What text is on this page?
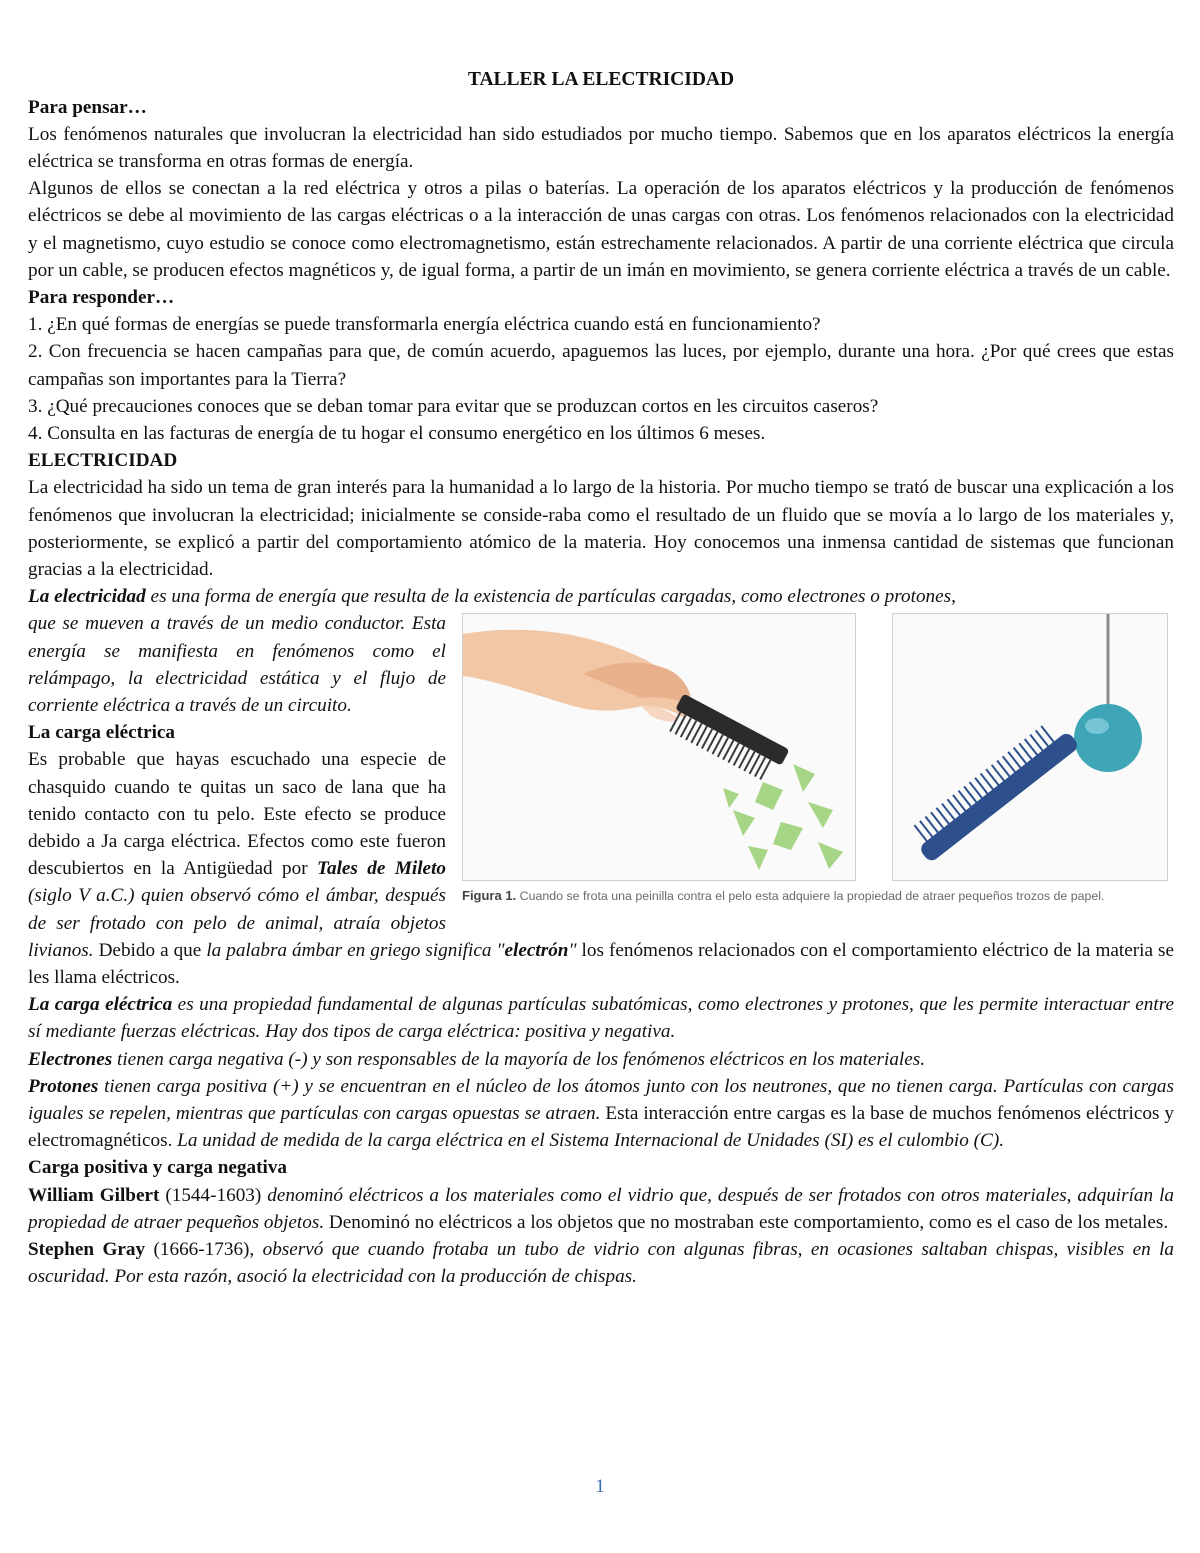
TALLER LA ELECTRICIDAD

Para pensar…

Los fenómenos naturales que involucran la electricidad han sido estudiados por mucho tiempo. Sabemos que en los aparatos eléctricos la energía eléctrica se transforma en otras formas de energía.

Algunos de ellos se conectan a la red eléctrica y otros a pilas o baterías. La operación de los aparatos eléctricos y la producción de fenómenos eléctricos se debe al movimiento de las cargas eléctricas o a la interacción de unas cargas con otras. Los fenómenos relacionados con la electricidad y el magnetismo, cuyo estudio se conoce como electromagnetismo, están estrechamente relacionados. A partir de una corriente eléctrica que circula por un cable, se producen efectos magnéticos y, de igual forma, a partir de un imán en movimiento, se genera corriente eléctrica a través de un cable.

Para responder…

1. ¿En qué formas de energías se puede transformarla energía eléctrica cuando está en funcionamiento?

2. Con frecuencia se hacen campañas para que, de común acuerdo, apaguemos las luces, por ejemplo, durante una hora. ¿Por qué crees que estas campañas son importantes para la Tierra?

3. ¿Qué precauciones conoces que se deban tomar para evitar que se produzcan cortos en les circuitos caseros?

4. Consulta en las facturas de energía de tu hogar el consumo energético en los últimos 6 meses.

ELECTRICIDAD

La electricidad ha sido un tema de gran interés para la humanidad a lo largo de la historia. Por mucho tiempo se trató de buscar una explicación a los fenómenos que involucran la electricidad; inicialmente se conside-raba como el resultado de un fluido que se movía a lo largo de los materiales y, posteriormente, se explicó a partir del comportamiento atómico de la materia. Hoy conocemos una inmensa cantidad de sistemas que funcionan gracias a la electricidad.

La electricidad es una forma de energía que resulta de la existencia de partículas cargadas, como electrones o protones,

Figura 1. Cuando se frota una peinilla contra el pelo esta adquiere la propiedad de atraer pequeños trozos de papel.

que se mueven a través de un medio conductor. Esta energía se manifiesta en fenómenos como el relámpago, la electricidad estática y el flujo de corriente eléctrica a través de un circuito.

La carga eléctrica

Es probable que hayas escuchado una especie de chasquido cuando te quitas un saco de lana que ha tenido contacto con tu pelo. Este efecto se produce debido a Ja carga eléctrica. Efectos como este fueron descubiertos en la Antigüedad por Tales de Mileto (siglo V a.C.) quien observó cómo el ámbar, después de ser frotado con pelo de animal, atraía objetos livianos. Debido a que la palabra ámbar en griego significa "electrón" los fenómenos relacionados con el comportamiento eléctrico de la materia se les llama eléctricos.

La carga eléctrica es una propiedad fundamental de algunas partículas subatómicas, como electrones y protones, que les permite interactuar entre sí mediante fuerzas eléctricas. Hay dos tipos de carga eléctrica: positiva y negativa.

Electrones tienen carga negativa (-) y son responsables de la mayoría de los fenómenos eléctricos en los materiales.

Protones tienen carga positiva (+) y se encuentran en el núcleo de los átomos junto con los neutrones, que no tienen carga. Partículas con cargas iguales se repelen, mientras que partículas con cargas opuestas se atraen. Esta interacción entre cargas es la base de muchos fenómenos eléctricos y electromagnéticos. La unidad de medida de la carga eléctrica en el Sistema Internacional de Unidades (SI) es el culombio (C).

Carga positiva y carga negativa

William Gilbert (1544-1603) denominó eléctricos a los materiales como el vidrio que, después de ser frotados con otros materiales, adquirían la propiedad de atraer pequeños objetos. Denominó no eléctricos a los objetos que no mostraban este comportamiento, como es el caso de los metales.

Stephen Gray (1666-1736), observó que cuando frotaba un tubo de vidrio con algunas fibras, en ocasiones saltaban chispas, visibles en la oscuridad. Por esta razón, asoció la electricidad con la producción de chispas.

1
